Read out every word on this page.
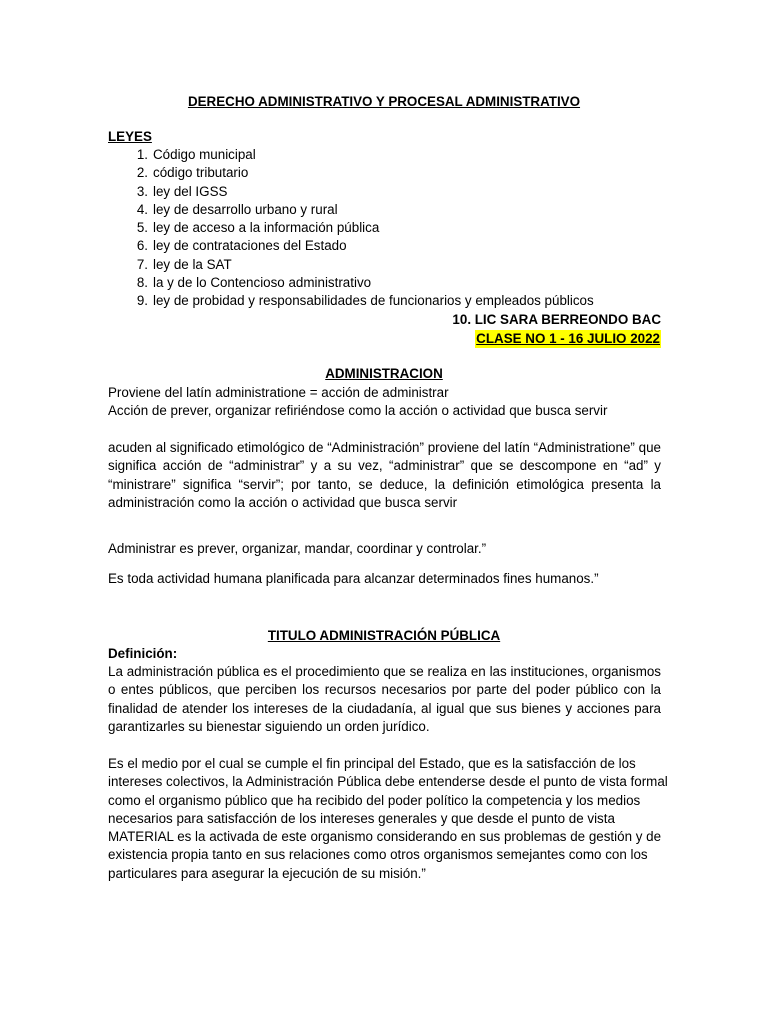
DERECHO ADMINISTRATIVO Y PROCESAL ADMINISTRATIVO

LEYES

1. Código municipal
2. código tributario
3. ley del IGSS
4. ley de desarrollo urbano y rural
5. ley de acceso a la información pública
6. ley de contrataciones del Estado
7. ley de la SAT
8. la y de lo Contencioso administrativo
9. ley de probidad y responsabilidades de funcionarios y empleados públicos

10. LIC SARA BERREONDO BAC

CLASE NO 1 - 16 JULIO 2022

ADMINISTRACION

Proviene del latín administratione = acción de administrar

Acción de prever, organizar refiriéndose como la acción o actividad que busca servir

acuden al significado etimológico de “Administración” proviene del latín “Administratione” que significa acción de “administrar” y a su vez, “administrar” que se descompone en “ad” y “ministrare” significa “servir”; por tanto, se deduce, la definición etimológica presenta la administración como la acción o actividad que busca servir

Administrar es prever, organizar, mandar, coordinar y controlar.”

Es toda actividad humana planificada para alcanzar determinados fines humanos.”

TITULO ADMINISTRACIÓN PÚBLICA

Definición:

La administración pública es el procedimiento que se realiza en las instituciones, organismos o entes públicos, que perciben los recursos necesarios por parte del poder público con la finalidad de atender los intereses de la ciudadanía, al igual que sus bienes y acciones para garantizarles su bienestar siguiendo un orden jurídico.

Es el medio por el cual se cumple el fin principal del Estado, que es la satisfacción de los intereses colectivos, la Administración Pública debe entenderse desde el punto de vista formal como el organismo público que ha recibido del poder político la competencia y los medios necesarios para satisfacción de los intereses generales y que desde el punto de vista MATERIAL es la activada de este organismo considerando en sus problemas de gestión y de existencia propia tanto en sus relaciones como otros organismos semejantes como con los particulares para asegurar la ejecución de su misión.”
